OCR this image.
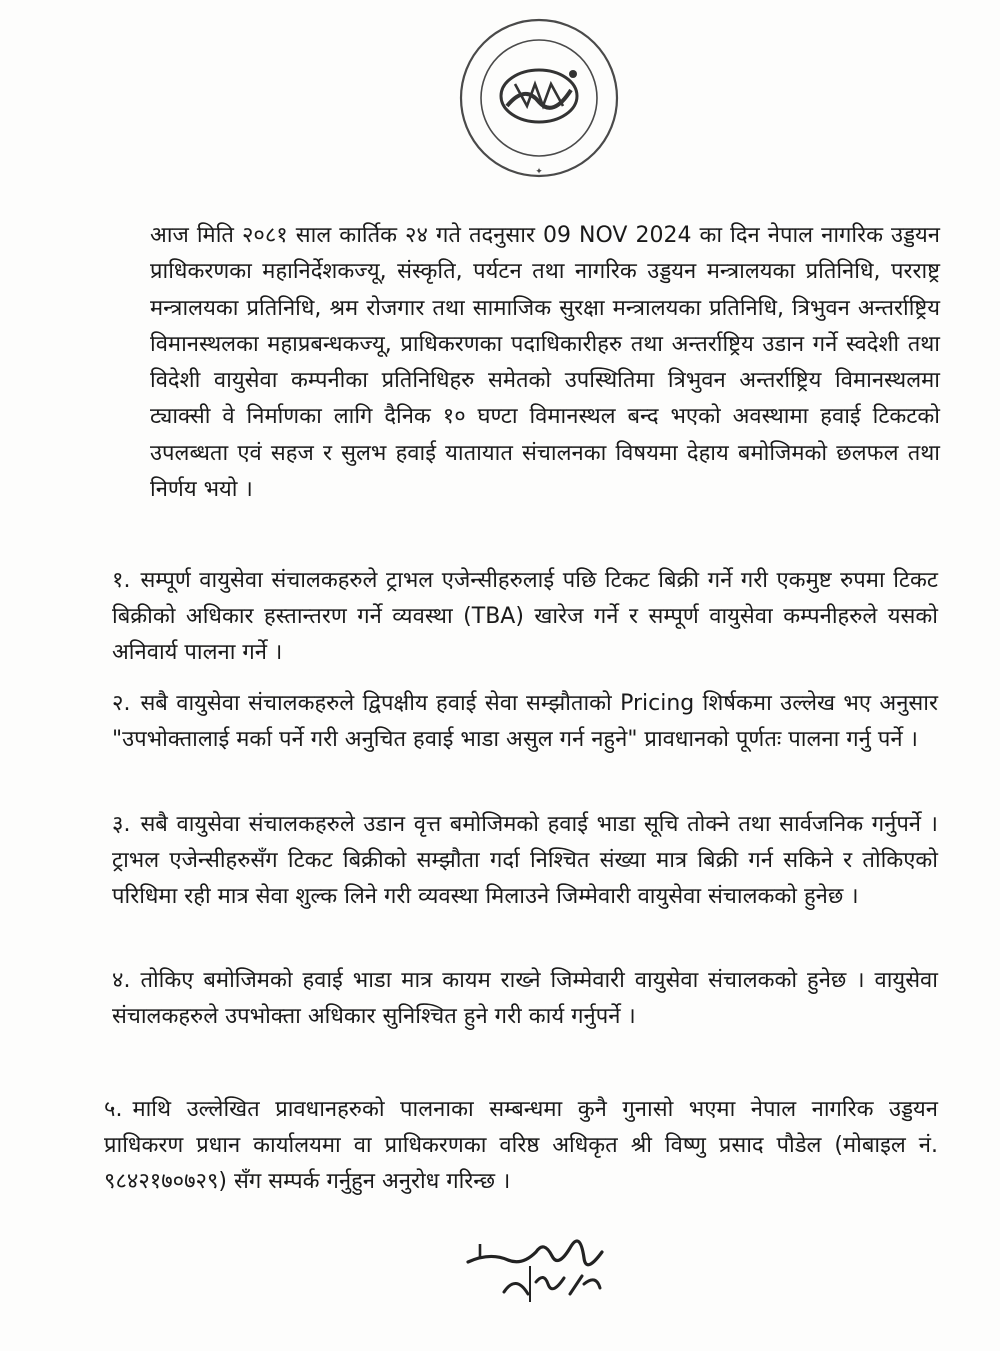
✦

आज मिति २०८१ साल कार्तिक २४ गते तदनुसार 09 NOV 2024 का दिन नेपाल नागरिक उड्डयन प्राधिकरणका महानिर्देशकज्यू, संस्कृति, पर्यटन तथा नागरिक उड्डयन मन्त्रालयका प्रतिनिधि, परराष्ट्र मन्त्रालयका प्रतिनिधि, श्रम रोजगार तथा सामाजिक सुरक्षा मन्त्रालयका प्रतिनिधि, त्रिभुवन अन्तर्राष्ट्रिय विमानस्थलका महाप्रबन्धकज्यू, प्राधिकरणका पदाधिकारीहरु तथा अन्तर्राष्ट्रिय उडान गर्ने स्वदेशी तथा विदेशी वायुसेवा कम्पनीका प्रतिनिधिहरु समेतको उपस्थितिमा त्रिभुवन अन्तर्राष्ट्रिय विमानस्थलमा ट्याक्सी वे निर्माणका लागि दैनिक १० घण्टा विमानस्थल बन्द भएको अवस्थामा हवाई टिकटको उपलब्धता एवं सहज र सुलभ हवाई यातायात संचालनका विषयमा देहाय बमोजिमको छलफल तथा निर्णय भयो ।

१. सम्पूर्ण वायुसेवा संचालकहरुले ट्राभल एजेन्सीहरुलाई पछि टिकट बिक्री गर्ने गरी एकमुष्ट रुपमा टिकट बिक्रीको अधिकार हस्तान्तरण गर्ने व्यवस्था (TBA) खारेज गर्ने र सम्पूर्ण वायुसेवा कम्पनीहरुले यसको अनिवार्य पालना गर्ने ।

२. सबै वायुसेवा संचालकहरुले द्विपक्षीय हवाई सेवा सम्झौताको Pricing शिर्षकमा उल्लेख भए अनुसार "उपभोक्तालाई मर्का पर्ने गरी अनुचित हवाई भाडा असुल गर्न नहुने" प्रावधानको पूर्णतः पालना गर्नु पर्ने ।

३. सबै वायुसेवा संचालकहरुले उडान वृत्त बमोजिमको हवाई भाडा सूचि तोक्ने तथा सार्वजनिक गर्नुपर्ने । ट्राभल एजेन्सीहरुसँग टिकट बिक्रीको सम्झौता गर्दा निश्चित संख्या मात्र बिक्री गर्न सकिने र तोकिएको परिधिमा रही मात्र सेवा शुल्क लिने गरी व्यवस्था मिलाउने जिम्मेवारी वायुसेवा संचालकको हुनेछ ।

४. तोकिए बमोजिमको हवाई भाडा मात्र कायम राख्ने जिम्मेवारी वायुसेवा संचालकको हुनेछ । वायुसेवा संचालकहरुले उपभोक्ता अधिकार सुनिश्चित हुने गरी कार्य गर्नुपर्ने ।

५. माथि उल्लेखित प्रावधानहरुको पालनाका सम्बन्धमा कुनै गुनासो भएमा नेपाल नागरिक उड्डयन प्राधिकरण प्रधान कार्यालयमा वा प्राधिकरणका वरिष्ठ अधिकृत श्री विष्णु प्रसाद पौडेल (मोबाइल नं. ९८४२१७०७२९) सँग सम्पर्क गर्नुहुन अनुरोध गरिन्छ ।
